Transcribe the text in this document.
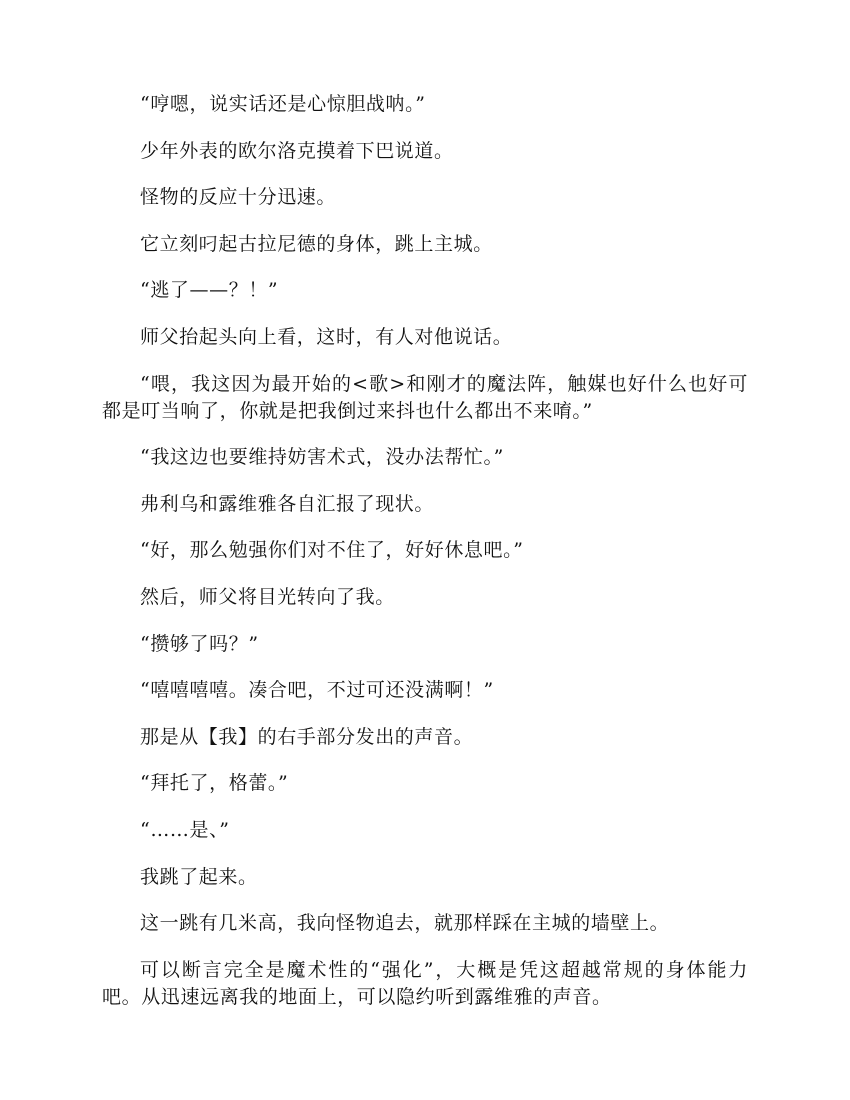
“哼嗯，说实话还是心惊胆战呐。”

少年外表的欧尔洛克摸着下巴说道。

怪物的反应十分迅速。

它立刻叼起古拉尼德的身体，跳上主城。

“逃了——？！”

师父抬起头向上看，这时，有人对他说话。

“喂，我这因为最开始的<歌>和刚才的魔法阵，触媒也好什么也好可都是叮当响了，你就是把我倒过来抖也什么都出不来唷。”

“我这边也要维持妨害术式，没办法帮忙。”

弗利乌和露维雅各自汇报了现状。

“好，那么勉强你们对不住了，好好休息吧。”

然后，师父将目光转向了我。

“攒够了吗？”

“嘻嘻嘻嘻。凑合吧，不过可还没满啊！”

那是从【我】的右手部分发出的声音。

“拜托了，格蕾。”

“……是、”

我跳了起来。

这一跳有几米高，我向怪物追去，就那样踩在主城的墙壁上。

可以断言完全是魔术性的“强化”，大概是凭这超越常规的身体能力吧。从迅速远离我的地面上，可以隐约听到露维雅的声音。
